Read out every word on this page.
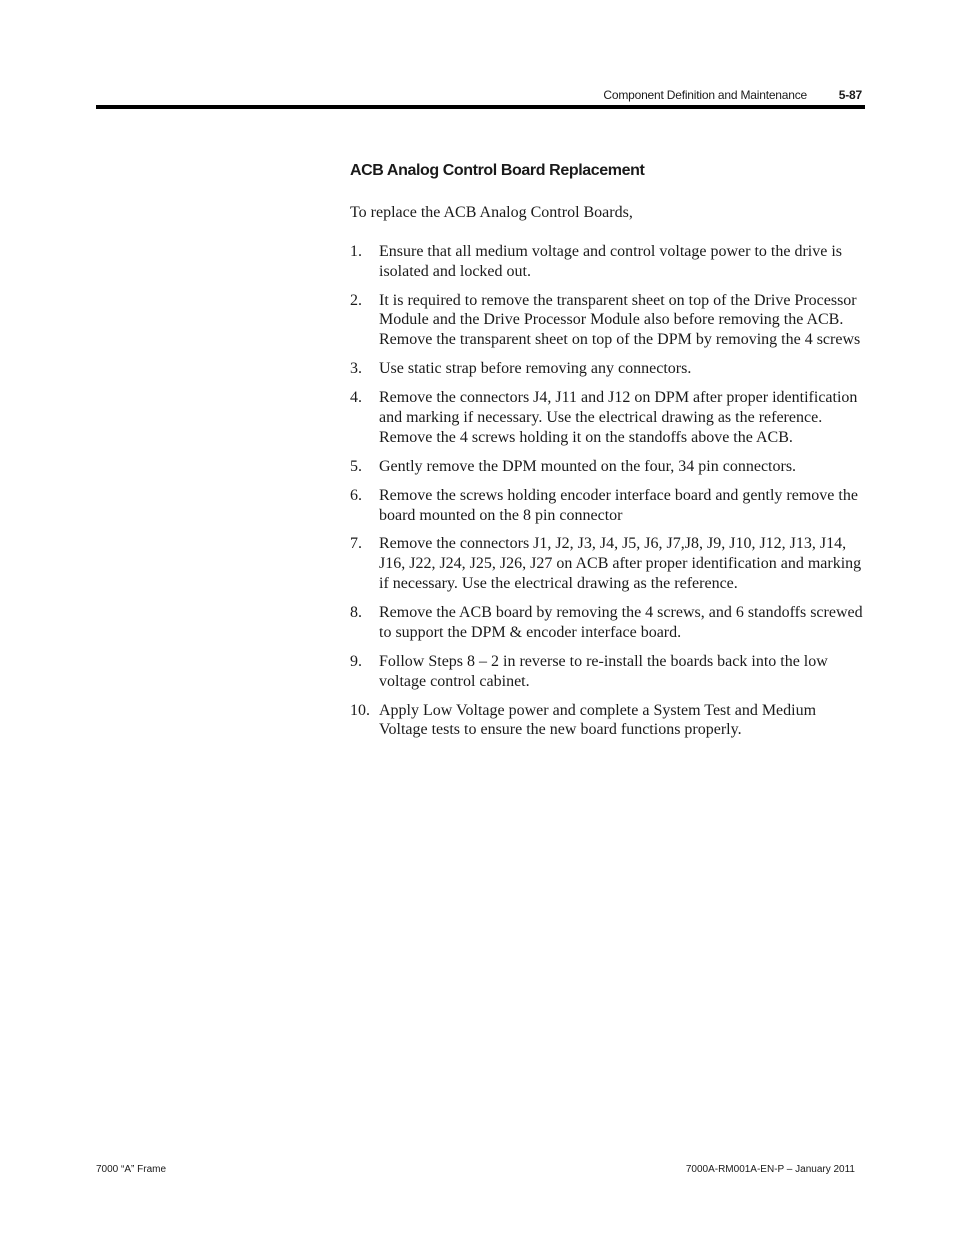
Component Definition and Maintenance	5-87
ACB Analog Control Board Replacement

To replace the ACB Analog Control Boards,

1. Ensure that all medium voltage and control voltage power to the drive is isolated and locked out.
2. It is required to remove the transparent sheet on top of the Drive Processor Module and the Drive Processor Module also before removing the ACB. Remove the transparent sheet on top of the DPM by removing the 4 screws
3. Use static strap before removing any connectors.
4. Remove the connectors J4, J11 and J12 on DPM after proper identification and marking if necessary. Use the electrical drawing as the reference. Remove the 4 screws holding it on the standoffs above the ACB.
5. Gently remove the DPM mounted on the four, 34 pin connectors.
6. Remove the screws holding encoder interface board and gently remove the board mounted on the 8 pin connector
7. Remove the connectors J1, J2, J3, J4, J5, J6, J7,J8, J9, J10, J12, J13, J14, J16, J22, J24, J25, J26, J27 on ACB after proper identification and marking if necessary. Use the electrical drawing as the reference.
8. Remove the ACB board by removing the 4 screws, and 6 standoffs screwed to support the DPM & encoder interface board.
9. Follow Steps 8 – 2 in reverse to re-install the boards back into the low voltage control cabinet.
10. Apply Low Voltage power and complete a System Test and Medium Voltage tests to ensure the new board functions properly.
7000 “A” Frame	7000A-RM001A-EN-P – January 2011
